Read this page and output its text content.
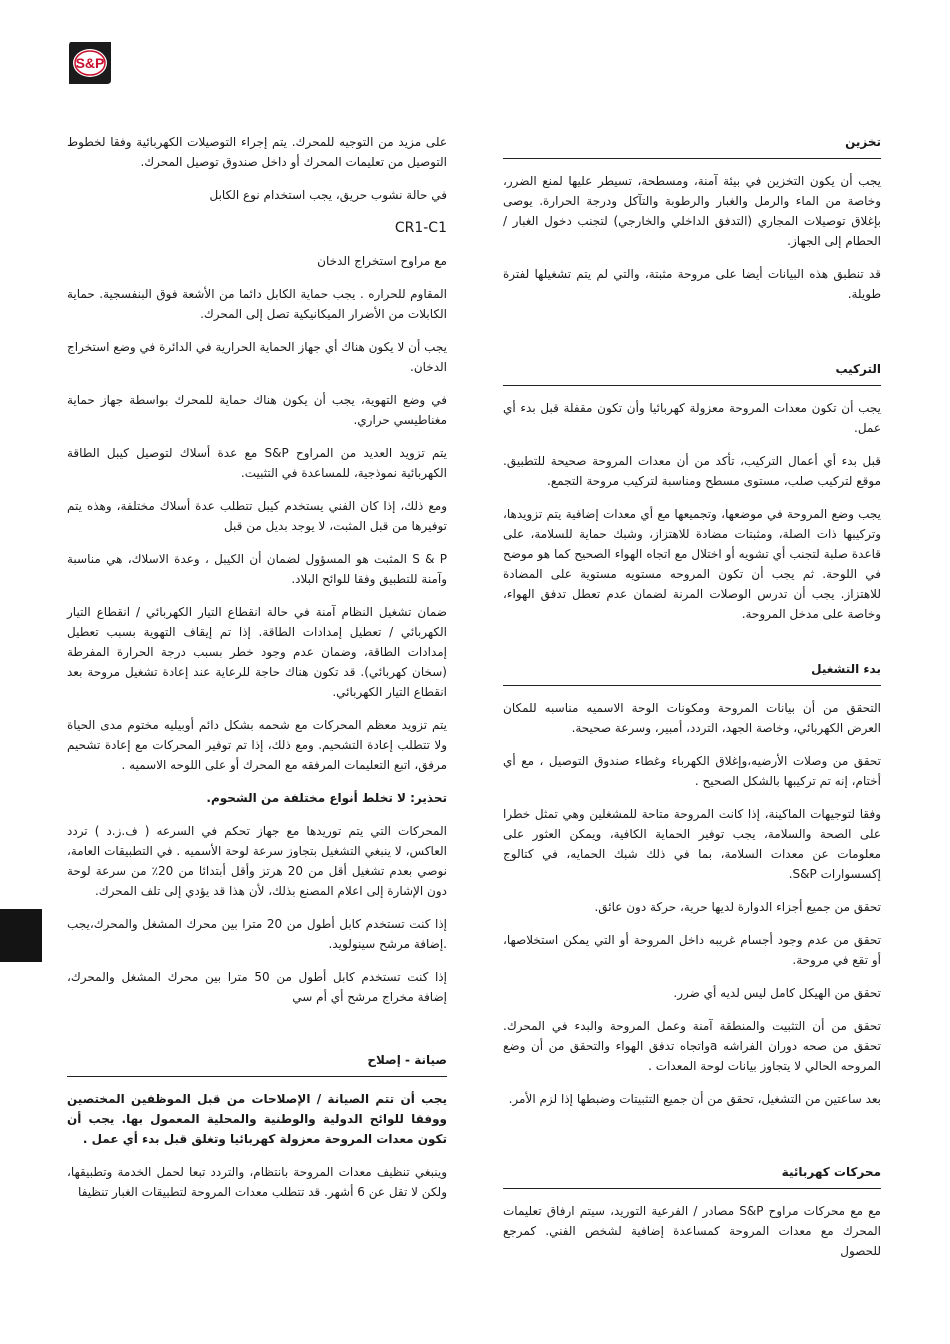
S&P
تخزين

يجب أن يكون التخزين في بيئة آمنة، ومسطحة، تسيطر عليها لمنع الضرر، وخاصة من الماء والرمل والغبار والرطوبة والتآكل ودرجة الحرارة. يوصى بإغلاق توصيلات المجاري (التدفق الداخلي والخارجي) لتجنب دخول الغبار / الحطام إلى الجهاز.

قد تنطبق هذه البيانات أيضا على مروحة مثبتة، والتي لم يتم تشغيلها لفترة طويلة.

التركيب

يجب أن تكون معدات المروحة معزولة كهربائيا وأن تكون مقفلة قبل بدء أي عمل.

قبل بدء أي أعمال التركيب، تأكد من أن معدات المروحة صحيحة للتطبيق. موقع لتركيب صلب، مستوى مسطح ومناسبة لتركيب مروحة التجمع.

يجب وضع المروحة في موضعها، وتجميعها مع أي معدات إضافية يتم تزويدها، وتركيبها ذات الصلة، ومثبتات مضادة للاهتزاز، وشبك حماية للسلامة، على قاعدة صلبة لتجنب أي تشويه أو اختلال مع اتجاه الهواء الصحيح كما هو موضح في اللوحة. ثم يجب أن تكون المروحه مستويه مستوية على المضادة للاهتزاز. يجب أن تدرس الوصلات المرنة لضمان عدم تعطل تدفق الهواء، وخاصة على مدخل المروحة.

بدء التشغيل

التحقق من أن بيانات المروحة ومكونات الوحة الاسميه مناسبه للمكان العرض الكهربائي، وخاصة الجهد، التردد، أمبير، وسرعة صحيحة.

تحقق من وصلات الأرضيه،وإغلاق الكهرباء وغطاء صندوق التوصيل ، مع أي أختام، إنه تم تركيبها بالشكل الصحيح .

وفقا لتوجيهات الماكينة، إذا كانت المروحة متاحة للمشغلين وهي تمثل خطرا على الصحة والسلامة، يجب توفير الحماية الكافية، ويمكن العثور على معلومات عن معدات السلامة، بما في ذلك شبك الحمايه، في كتالوج إكسسوارات S&P.

تحقق من جميع أجزاء الدوارة لديها حرية، حركة دون عائق.

تحقق من عدم وجود أجسام غريبه داخل المروحة أو التي يمكن استخلاصها، أو تقع في مروحة.

تحقق من الهيكل كامل ليس لديه أي ضرر.

تحقق من أن التثبيت والمنطقة آمنة وعمل المروحة والبدء في المحرك. تحقق من صحه دوران الفراشه aواتجاه تدفق الهواء والتحقق من أن وضع المروحه الحالي لا يتجاوز بيانات لوحة المعدات .

بعد ساعتين من التشغيل، تحقق من أن جميع التثبيتات وضبطها إذا لزم الأمر.

محركات كهربائية

مع مع محركات مراوح S&P مصادر / الفرعية التوريد، سيتم ارفاق تعليمات المحرك مع معدات المروحة كمساعدة إضافية لشخص الفني. كمرجع للحصول

على مزيد من التوجيه للمحرك. يتم إجراء التوصيلات الكهربائية وفقا لخطوط التوصيل من تعليمات المحرك أو داخل صندوق توصيل المحرك.

في حالة نشوب حريق، يجب استخدام نوع الكابل

CR1-C1

مع مراوح استخراج الدخان

المقاوم للحراره . يجب حماية الكابل دائما من الأشعة فوق البنفسجية. حماية الكابلات من الأضرار الميكانيكية تصل إلى المحرك.

يجب أن لا يكون هناك أي جهاز الحماية الحرارية في الدائرة في وضع استخراج الدخان.

في وضع التهوية، يجب أن يكون هناك حماية للمحرك بواسطة جهاز حماية مغناطيسي حراري.

يتم تزويد العديد من المراوح S&P مع عدة أسلاك لتوصيل كيبل الطاقة الكهربائية نموذجية، للمساعدة في التثبيت.

ومع ذلك، إذا كان الفني يستخدم كيبل تتطلب عدة أسلاك مختلفة، وهذه يتم توفيرها من قبل المثبت، لا يوجد بديل من قبل

S & P المثبت هو المسؤول لضمان أن الكيبل ، وعدة الاسلاك، هي مناسبة وآمنة للتطبيق وفقا للوائح البلاد.

ضمان تشغيل النظام آمنة في حالة انقطاع التيار الكهربائي / انقطاع التيار الكهربائي / تعطيل إمدادات الطاقة. إذا تم إيقاف التهوية بسبب تعطيل إمدادات الطاقة، وضمان عدم وجود خطر بسبب درجة الحرارة المفرطة (سخان كهربائي). قد تكون هناك حاجة للرعاية عند إعادة تشغيل مروحة بعد انقطاع التيار الكهربائي.

يتم تزويد معظم المحركات مع شحمه بشكل دائم أوبيليه مختوم مدى الحياة ولا تتطلب إعادة التشحيم. ومع ذلك، إذا تم توفير المحركات مع إعادة تشحيم مرفق، اتبع التعليمات المرفقه مع المحرك أو على اللوحه الاسميه .

تحذير: لا تخلط أنواع مختلفة من الشحوم.

المحركات التي يتم توريدها مع جهاز تحكم في السرعه ( ف.ز.د ) تردد العاكس، لا ينبغي التشغيل بتجاوز سرعة لوحة الأسميه . في التطبيقات العامة، نوصي بعدم تشغيل أقل من 20 هرتز وأقل أبتدائا من 20٪ من سرعة لوحة دون الإشارة إلى اعلام المصنع بذلك، لأن هذا قد يؤدي إلى تلف المحرك.

إذا كنت تستخدم كابل أطول من 20 مترا بين محرك المشغل والمحرك،يجب .إضافة مرشح سينولويد.

إذا كنت تستخدم كابل أطول من 50 مترا بين محرك المشغل والمحرك، إضافة مخراج مرشح أي أم سي

صيانة - إصلاح

يجب أن تتم الصيانة / الإصلاحات من قبل الموظفين المختصين ووفقا للوائح الدولية والوطنية والمحلية المعمول بها. يجب أن تكون معدات المروحة معزولة كهربائيا وتغلق قبل بدء أي عمل .

وينبغي تنظيف معدات المروحة بانتظام، والتردد تبعا لحمل الخدمة وتطبيقها، ولكن لا تقل عن 6 أشهر. قد تتطلب معدات المروحة لتطبيقات الغبار تنظيفا
